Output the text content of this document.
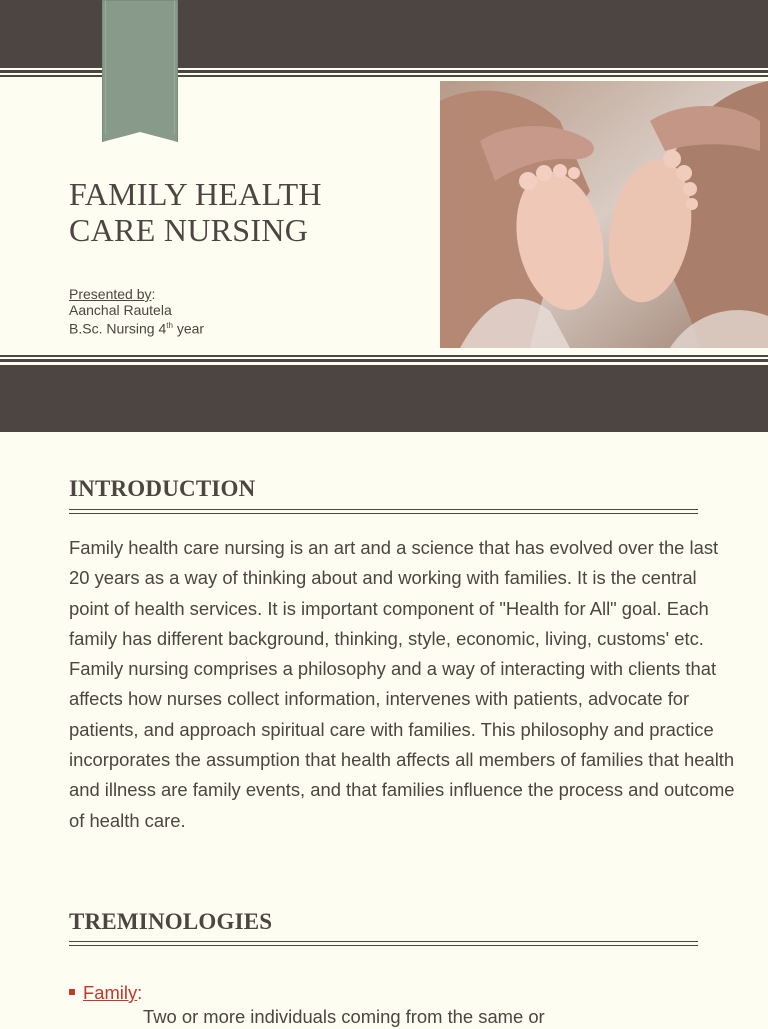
FAMILY HEALTH
CARE NURSING
Presented by:
Aanchal Rautela
B.Sc. Nursing 4th year
INTRODUCTION

Family health care nursing is an art and a science that has evolved over the last 20 years as a way of thinking about and working with families. It is the central point of health services. It is important component of "Health for All" goal. Each family has different background, thinking, style, economic, living, customs' etc. Family nursing comprises a philosophy and a way of interacting with clients that affects how nurses collect information, intervenes with patients, advocate for patients, and approach spiritual care with families. This philosophy and practice incorporates the assumption that health affects all members of families that health and illness are family events, and that families influence the process and outcome of health care.

TREMINOLOGIES
Family:
Two or more individuals coming from the same or
